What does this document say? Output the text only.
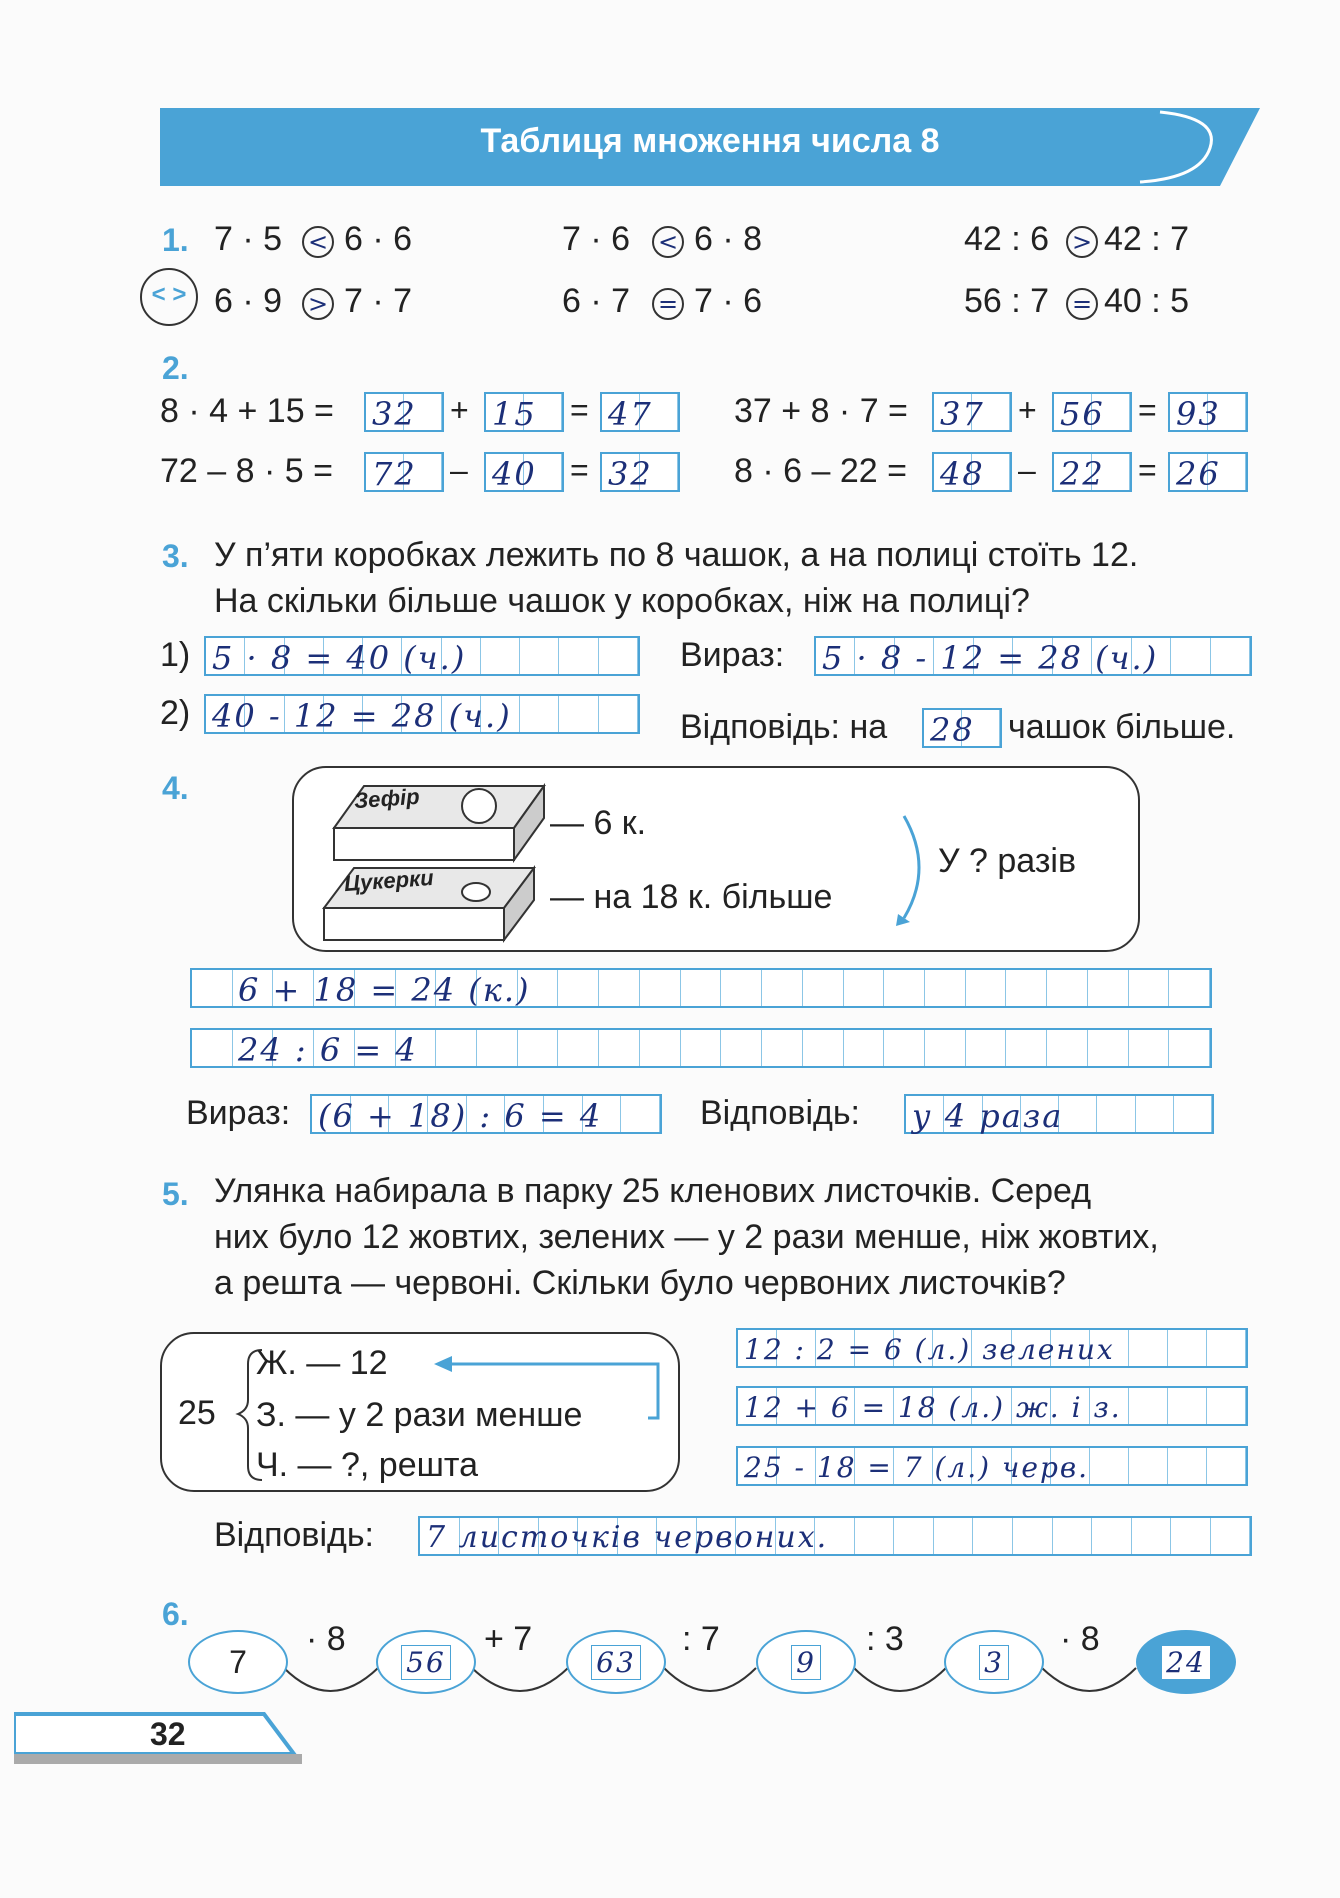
Таблиця множення числа 8
1.
< >
7 · 5 < 6 · 6	7 · 6 < 6 · 8	42 : 6 > 42 : 7
6 · 9 > 7 · 7	6 · 7 = 7 · 6	56 : 7 = 40 : 5
2.
8 · 4 + 15 = 32 + 15 = 47 37 + 8 · 7 = 37 + 56 = 93
72 – 8 · 5 = 72 – 40 = 32 8 · 6 – 22 = 48 – 22 = 26
3. У п’яти коробках лежить по 8 чашок, а на полиці стоїть 12.
На скільки більше чашок у коробках, ніж на полиці?
1) 5 · 8 = 40 (ч.)
2) 40 - 12 = 28 (ч.)
Вираз: 5 · 8 - 12 = 28 (ч.)
Відповідь: на 28 чашок більше.
4.	Зефір
Цукерки
— 6 к.
— на 18 к. більше
У ? разів
6 + 18 = 24 (к.)
24 : 6 = 4
Вираз: (6 + 18) : 6 = 4	Відповідь: у 4 раза
5. Улянка набирала в парку 25 кленових листочків. Серед
них було 12 жовтих, зелених — у 2 рази менше, ніж жовтих,
а решта — червоні. Скільки було червоних листочків?
25
Ж. — 12
З. — у 2 рази менше
Ч. — ?, решта
12 : 2 = 6 (л.) зелених
12 + 6 = 18 (л.) ж. і з.
25 - 18 = 7 (л.) черв.
Відповідь: 7 листочків червоних.
6.
7
· 8
56
+ 7
63
: 7
9
: 3
3
· 8
24
32
